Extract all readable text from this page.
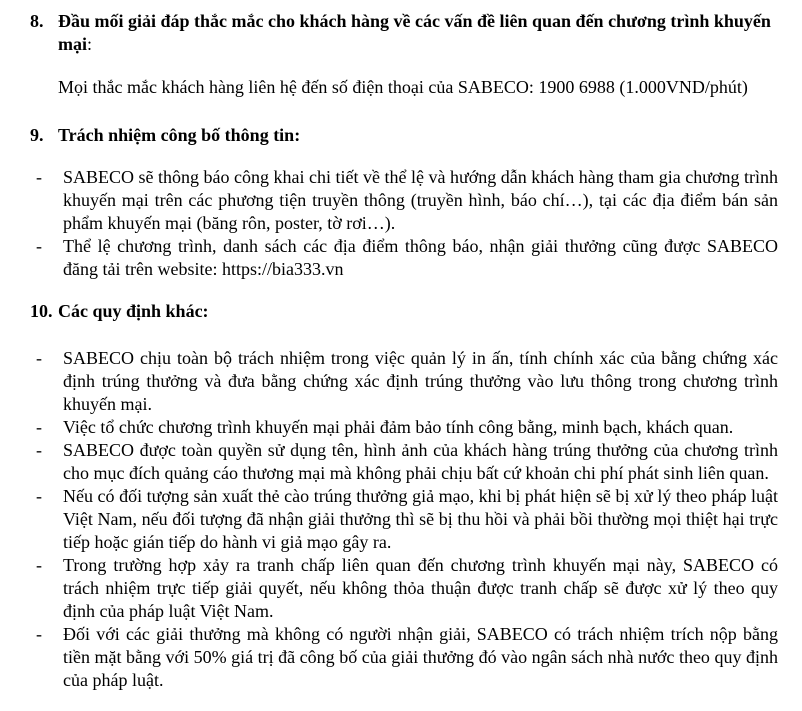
8. Đầu mối giải đáp thắc mắc cho khách hàng về các vấn đề liên quan đến chương trình khuyến mại:
Mọi thắc mắc khách hàng liên hệ đến số điện thoại của SABECO: 1900 6988 (1.000VND/phút)
9. Trách nhiệm công bố thông tin:
- SABECO sẽ thông báo công khai chi tiết về thể lệ và hướng dẫn khách hàng tham gia chương trình khuyến mại trên các phương tiện truyền thông (truyền hình, báo chí…), tại các địa điểm bán sản phẩm khuyến mại (băng rôn, poster, tờ rơi…).
- Thể lệ chương trình, danh sách các địa điểm thông báo, nhận giải thưởng cũng được SABECO đăng tải trên website: https://bia333.vn
10. Các quy định khác:
- SABECO chịu toàn bộ trách nhiệm trong việc quản lý in ấn, tính chính xác của bằng chứng xác định trúng thưởng và đưa bằng chứng xác định trúng thưởng vào lưu thông trong chương trình khuyến mại.
- Việc tổ chức chương trình khuyến mại phải đảm bảo tính công bằng, minh bạch, khách quan.
- SABECO được toàn quyền sử dụng tên, hình ảnh của khách hàng trúng thưởng của chương trình cho mục đích quảng cáo thương mại mà không phải chịu bất cứ khoản chi phí phát sinh liên quan.
- Nếu có đối tượng sản xuất thẻ cào trúng thưởng giả mạo, khi bị phát hiện sẽ bị xử lý theo pháp luật Việt Nam, nếu đối tượng đã nhận giải thưởng thì sẽ bị thu hồi và phải bồi thường mọi thiệt hại trực tiếp hoặc gián tiếp do hành vi giả mạo gây ra.
- Trong trường hợp xảy ra tranh chấp liên quan đến chương trình khuyến mại này, SABECO có trách nhiệm trực tiếp giải quyết, nếu không thỏa thuận được tranh chấp sẽ được xử lý theo quy định của pháp luật Việt Nam.
- Đối với các giải thưởng mà không có người nhận giải, SABECO có trách nhiệm trích nộp bằng tiền mặt bằng với 50% giá trị đã công bố của giải thưởng đó vào ngân sách nhà nước theo quy định của pháp luật.
